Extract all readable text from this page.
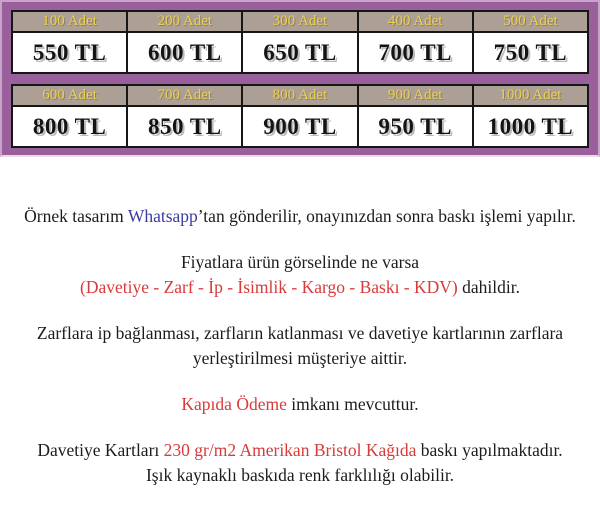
100 Adet	200 Adet	300 Adet	400 Adet	500 Adet
550 TL	600 TL	650 TL	700 TL	750 TL
600 Adet	700 Adet	800 Adet	900 Adet	1000 Adet
800 TL	850 TL	900 TL	950 TL	1000 TL

Örnek tasarım Whatsapp’tan gönderilir, onayınızdan sonra baskı işlemi yapılır.

Fiyatlara ürün görselinde ne varsa
(Davetiye - Zarf - İp - İsimlik - Kargo - Baskı - KDV) dahildir.

Zarflara ip bağlanması, zarfların katlanması ve davetiye kartlarının zarflara yerleştirilmesi müşteriye aittir.

Kapıda Ödeme imkanı mevcuttur.

Davetiye Kartları 230 gr/m2 Amerikan Bristol Kağıda baskı yapılmaktadır.
Işık kaynaklı baskıda renk farklılığı olabilir.
